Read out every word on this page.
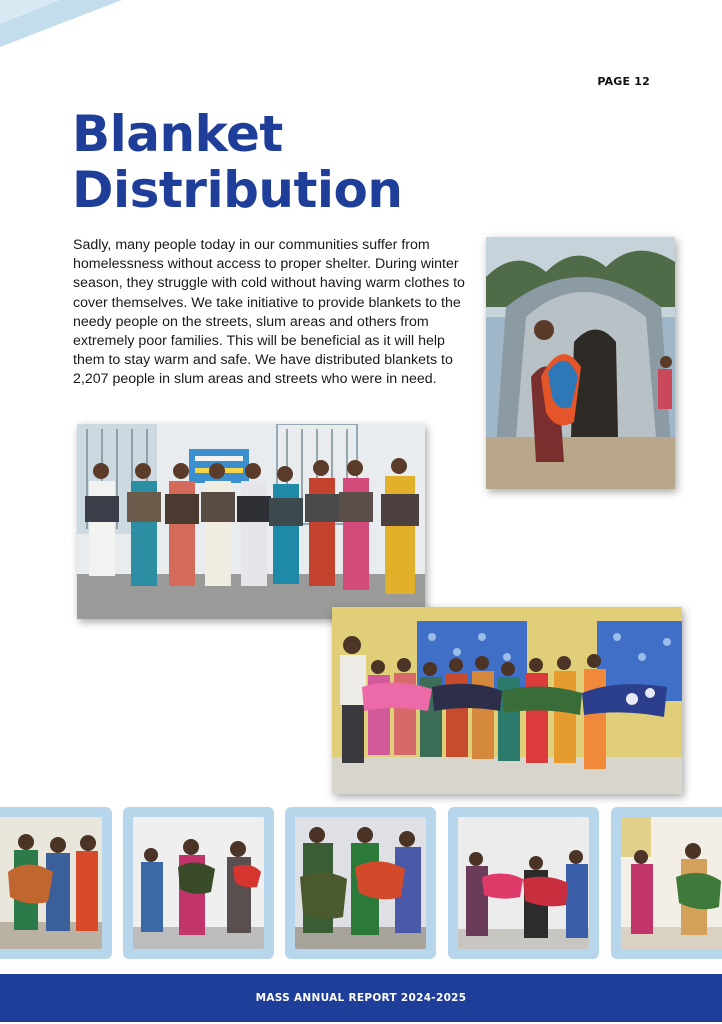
PAGE 12
Blanket
Distribution

Sadly, many people today in our communities suffer from homelessness without access to proper shelter. During winter season, they struggle with cold without having warm clothes to cover themselves. We take initiative to provide blankets to the needy people on the streets, slum areas and others from extremely poor families. This will be beneficial as it will help them to stay warm and safe. We have distributed blankets to 2,207 people in slum areas and streets who were in need.

MASS ANNUAL REPORT 2024-2025
